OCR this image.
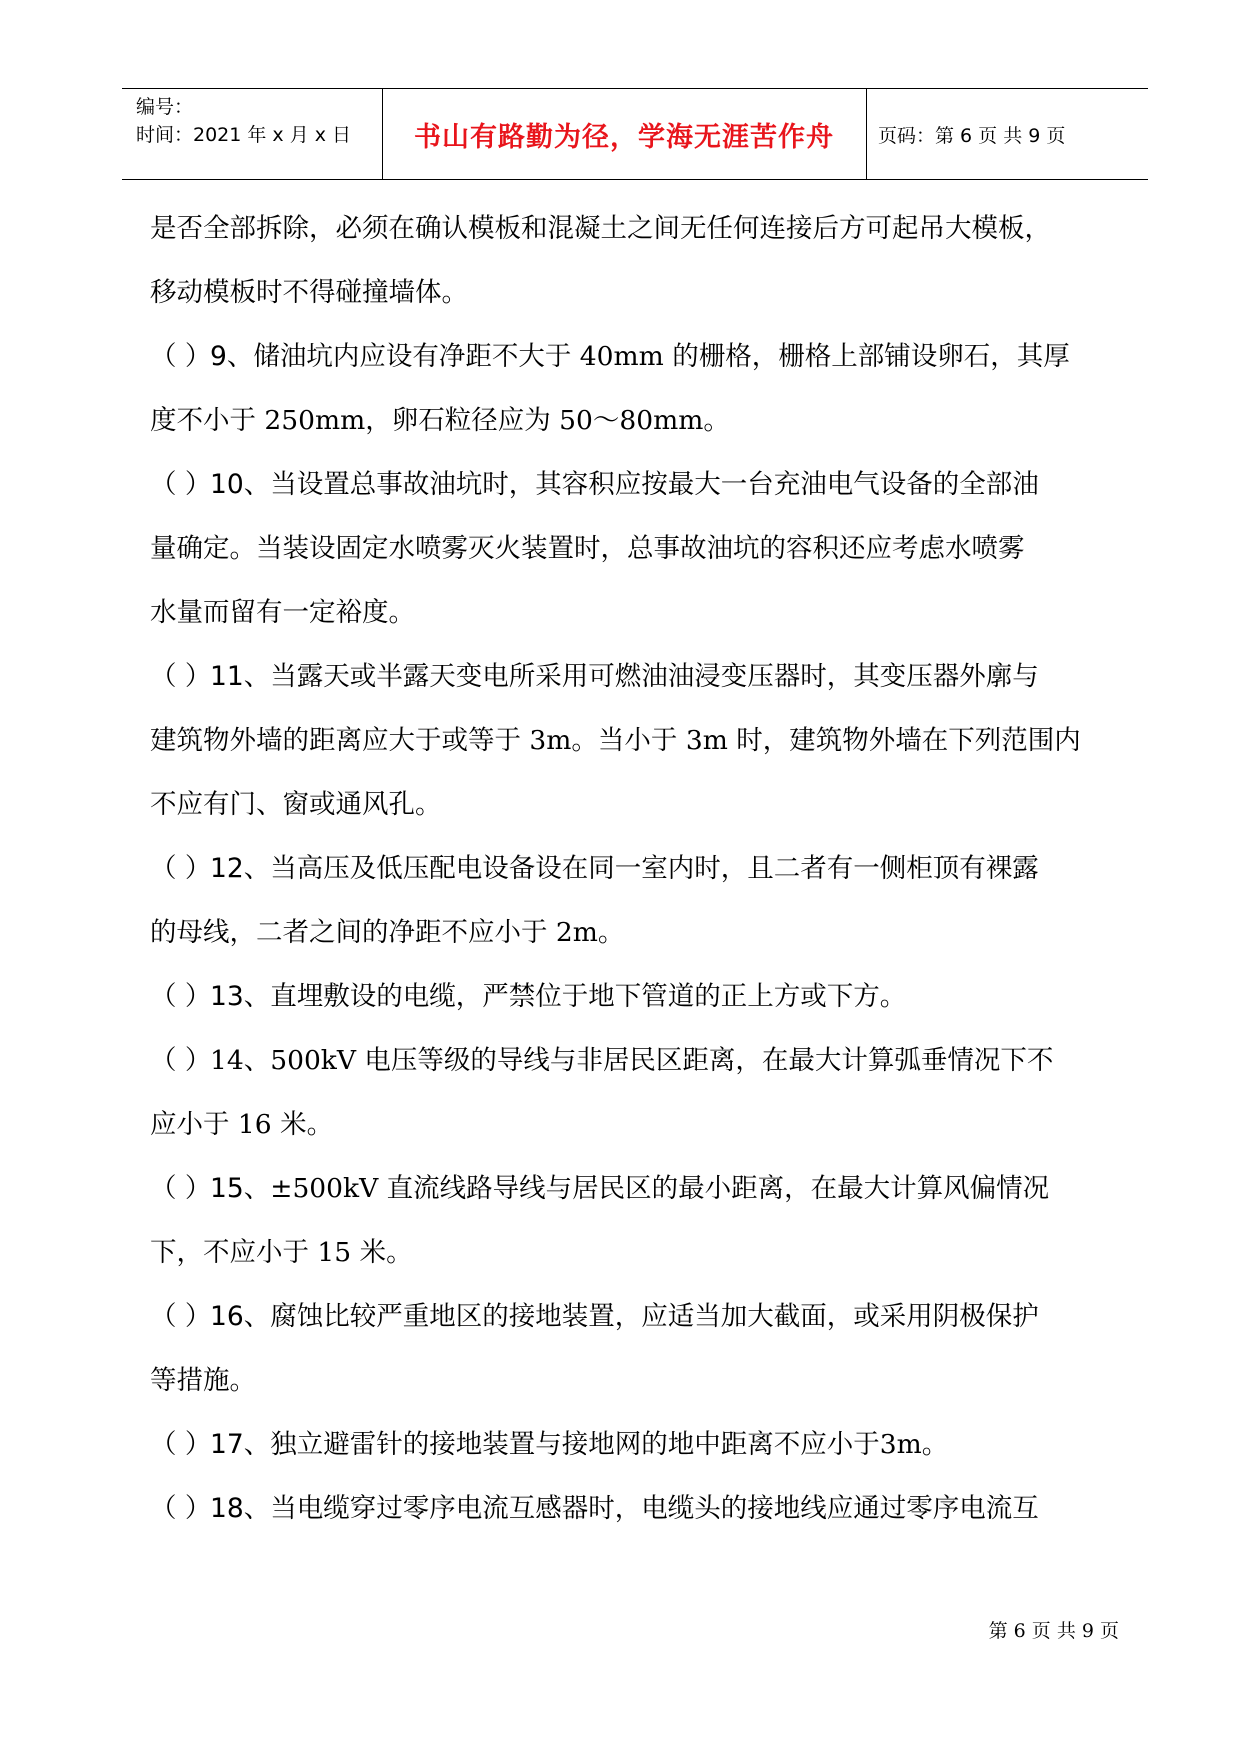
编号：
时间：2021 年 x 月 x 日	书山有路勤为径，学海无涯苦作舟	页码：第 6 页 共 9 页

是否全部拆除，必须在确认模板和混凝土之间无任何连接后方可起吊大模板，

移动模板时不得碰撞墙体。

（ ）9、储油坑内应设有净距不大于 40mm 的栅格，栅格上部铺设卵石，其厚

度不小于 250mm，卵石粒径应为 50～80mm。

（ ）10、当设置总事故油坑时，其容积应按最大一台充油电气设备的全部油

量确定。当装设固定水喷雾灭火装置时，总事故油坑的容积还应考虑水喷雾

水量而留有一定裕度。

（ ）11、当露天或半露天变电所采用可燃油油浸变压器时，其变压器外廓与

建筑物外墙的距离应大于或等于 3m。当小于 3m 时，建筑物外墙在下列范围内

不应有门、窗或通风孔。

（ ）12、当高压及低压配电设备设在同一室内时，且二者有一侧柜顶有裸露

的母线，二者之间的净距不应小于 2m。

（ ）13、直埋敷设的电缆，严禁位于地下管道的正上方或下方。

（ ）14、500kV 电压等级的导线与非居民区距离，在最大计算弧垂情况下不

应小于 16 米。

（ ）15、±500kV 直流线路导线与居民区的最小距离，在最大计算风偏情况

下，不应小于 15 米。

（ ）16、腐蚀比较严重地区的接地装置，应适当加大截面，或采用阴极保护

等措施。

（ ）17、独立避雷针的接地装置与接地网的地中距离不应小于3m。

（ ）18、当电缆穿过零序电流互感器时，电缆头的接地线应通过零序电流互

第 6 页 共 9 页
